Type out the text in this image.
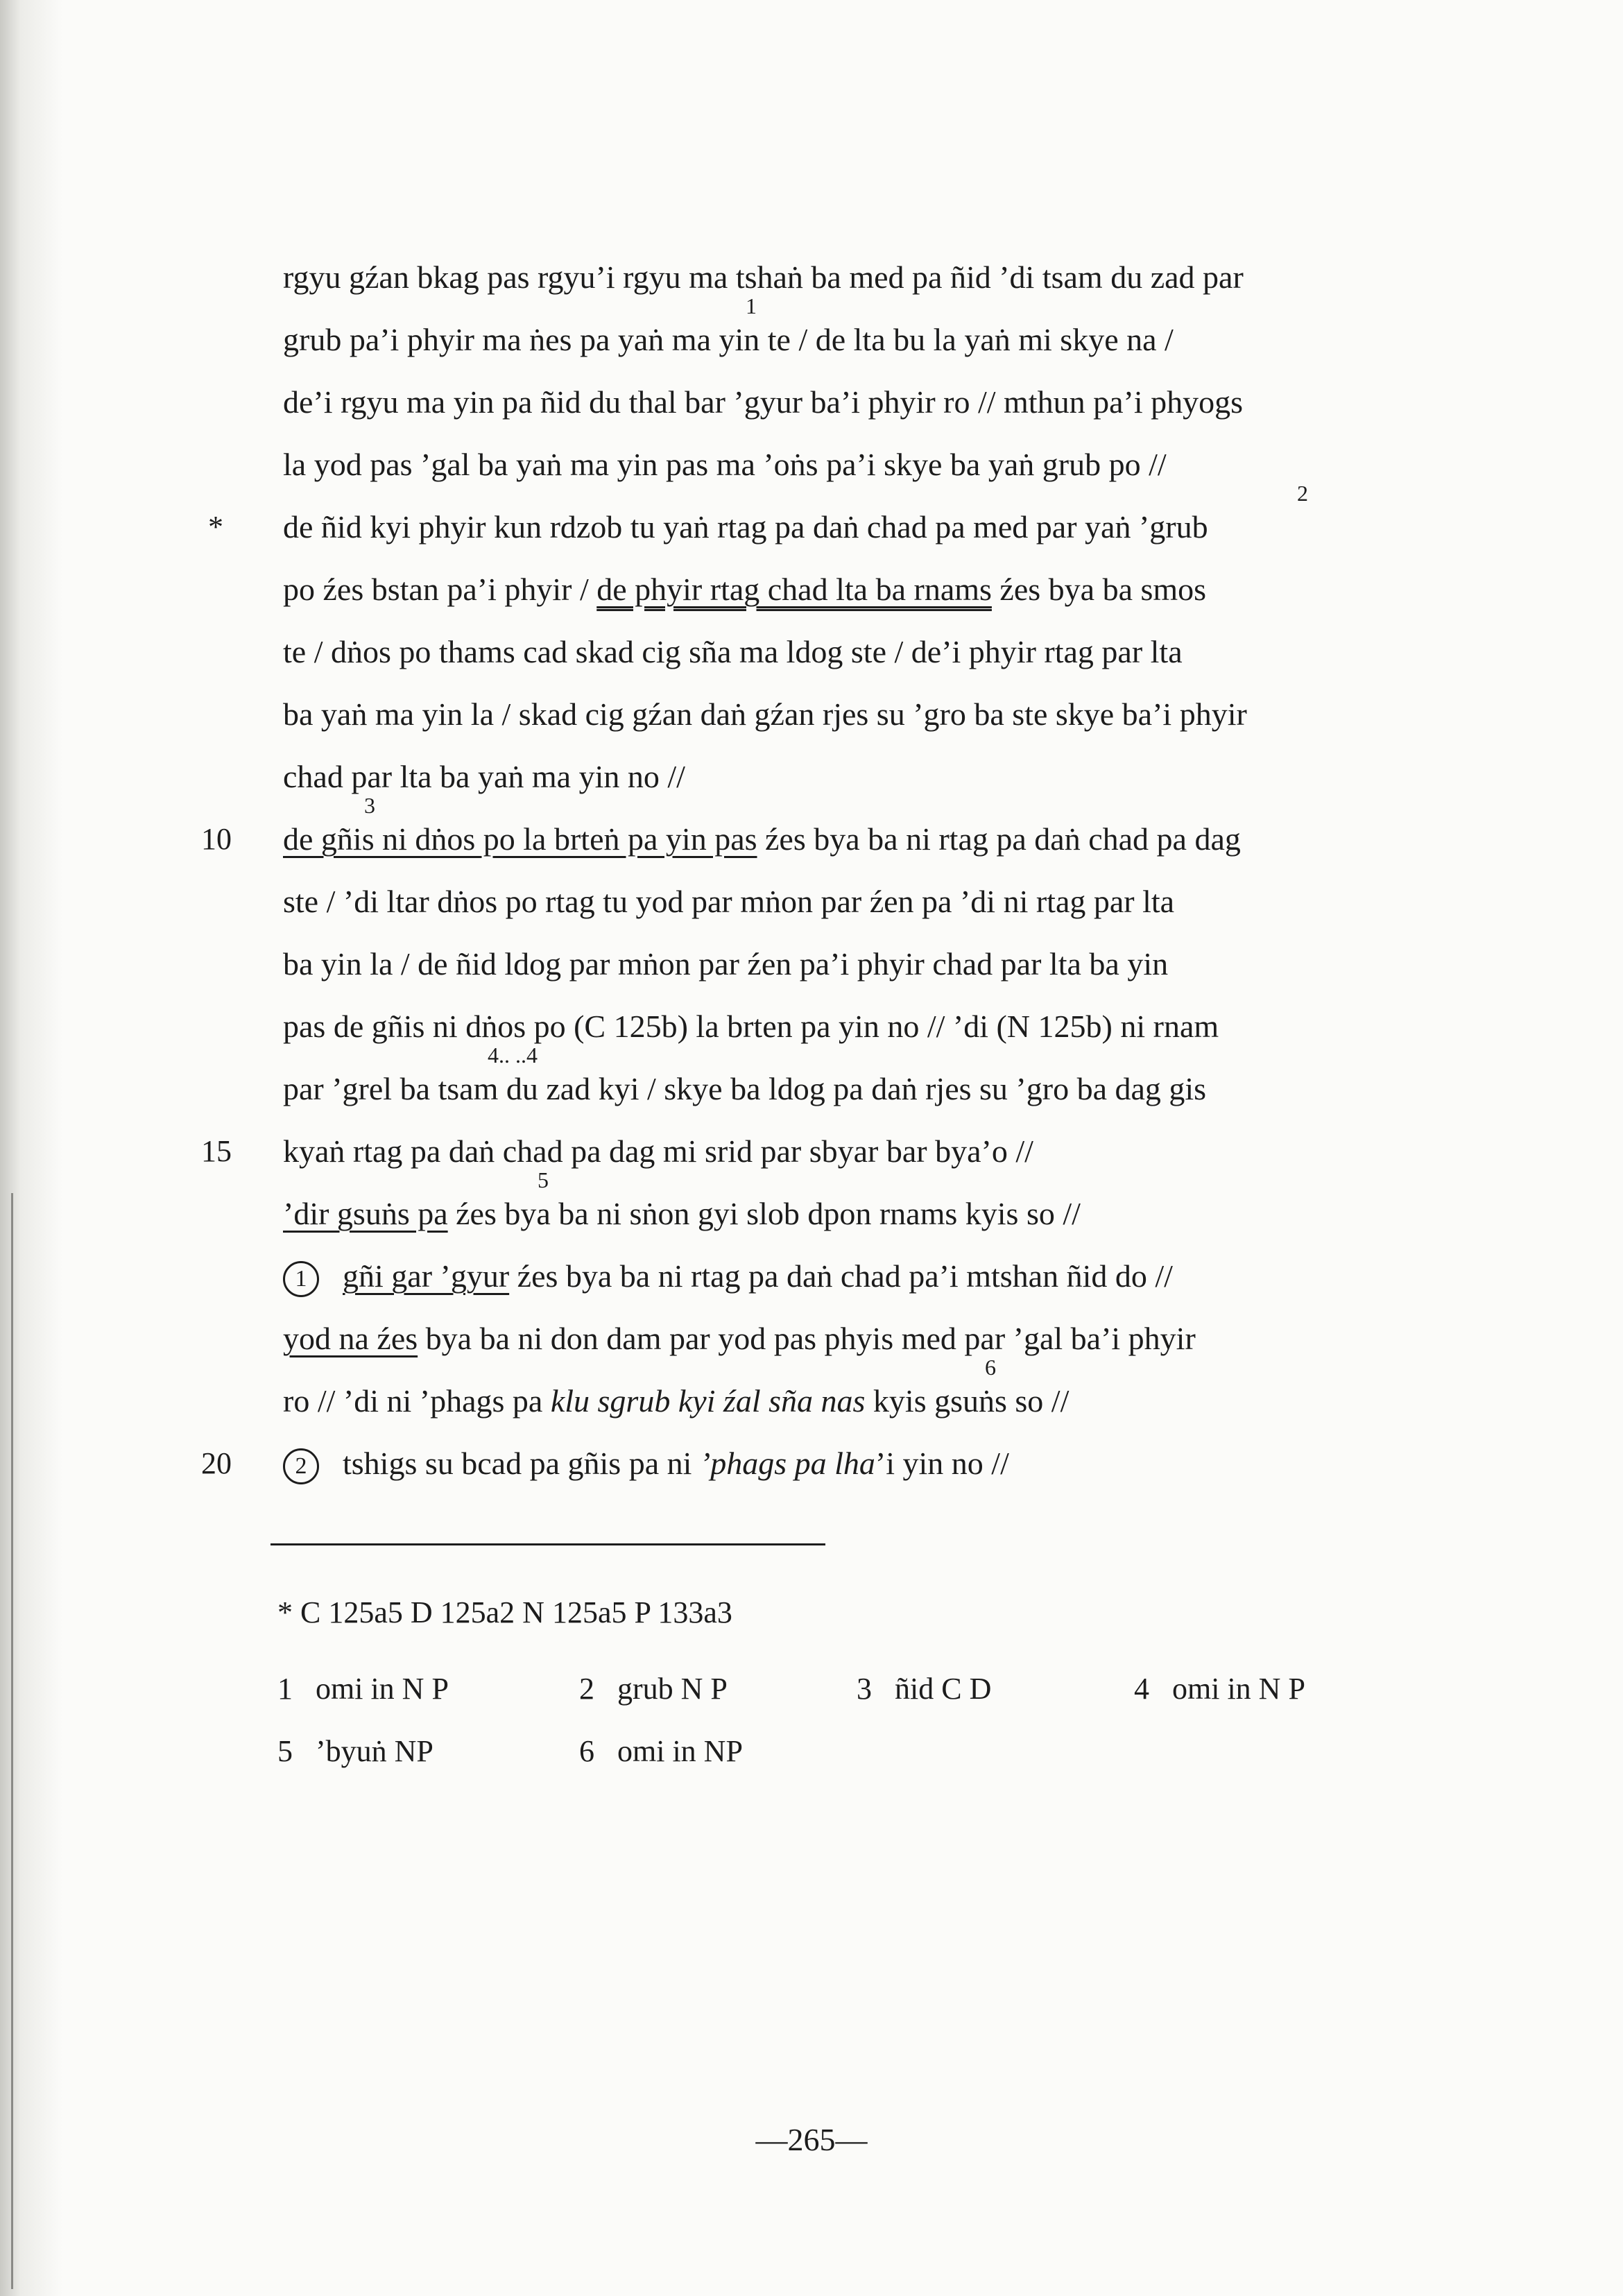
rgyu gźan bkag pas rgyu’i rgyu ma tshaṅ ba med pa ñid ’di tsam du zad par
grub pa’i phyir ma ṅes pa yaṅ ma yin te / de lta bu la yaṅ mi skye na /
de’i rgyu ma yin pa ñid du thal bar ’gyur ba’i phyir ro // mthun pa’i phyogs
la yod pas ’gal ba yaṅ ma yin pas ma ’oṅs pa’i skye ba yaṅ grub po //
de ñid kyi phyir kun rdzob tu yaṅ rtag pa daṅ chad pa med par yaṅ ’grub
po źes bstan pa’i phyir / de phyir rtag chad lta ba rnams źes bya ba smos
te / dṅos po thams cad skad cig sña ma ldog ste / de’i phyir rtag par lta
ba yaṅ ma yin la / skad cig gźan daṅ gźan rjes su ’gro ba ste skye ba’i phyir
chad par lta ba yaṅ ma yin no //
de gñis ni dṅos po la brteṅ pa yin pas źes bya ba ni rtag pa daṅ chad pa dag
ste / ’di ltar dṅos po rtag tu yod par mṅon par źen pa ’di ni rtag par lta
ba yin la / de ñid ldog par mṅon par źen pa’i phyir chad par lta ba yin
pas de gñis ni dṅos po (C 125b) la brten pa yin no // ’di (N 125b) ni rnam
par ’grel ba tsam du zad kyi / skye ba ldog pa daṅ rjes su ’gro ba dag gis
kyaṅ rtag pa daṅ chad pa dag mi srid par sbyar bar bya’o //
’dir gsuṅs pa źes bya ba ni sṅon gyi slob dpon rnams kyis so //
1 gñi gar ’gyur źes bya ba ni rtag pa daṅ chad pa’i mtshan ñid do //
yod na źes bya ba ni don dam par yod pas phyis med par ’gal ba’i phyir
ro // ’di ni ’phags pa klu sgrub kyi źal sña nas kyis gsuṅs so //
2 tshigs su bcad pa gñis pa ni ’phags pa lha’i yin no //
*
10
15
20
1
2
3
4.. ..4
5
6
* C 125a5 D 125a2 N 125a5 P 133a3
1 omi in N P	2 grub N P	3 ñid C D	4 omi in N P
5 ’byuṅ NP	6 omi in NP
—265—
